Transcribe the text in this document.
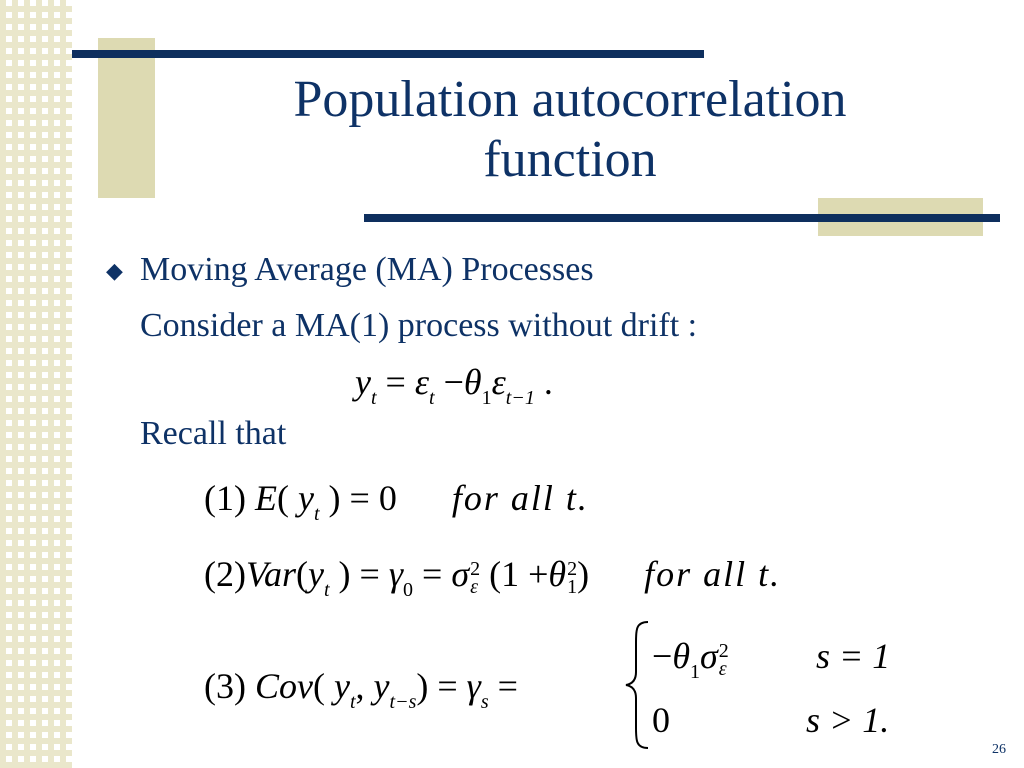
Population autocorrelation
function
◆ Moving Average (MA) Processes
Consider a MA(1) process without drift :
$y_t = \varepsilon_t -\theta_1\varepsilon_{t-1}$ .
Recall that
(1) E( $y_t$ ) = 0 for all t.
$(2)Var(y_t$ ) = $\gamma_0 = \sigma 2$
ε (1 +θ2
1) for all t.
(3) Cov( $y_t$, $y_{t-s}) = \gamma_s$ =
$-\theta_1\sigma 2$
ε s = 1
0	s > 1.
26
